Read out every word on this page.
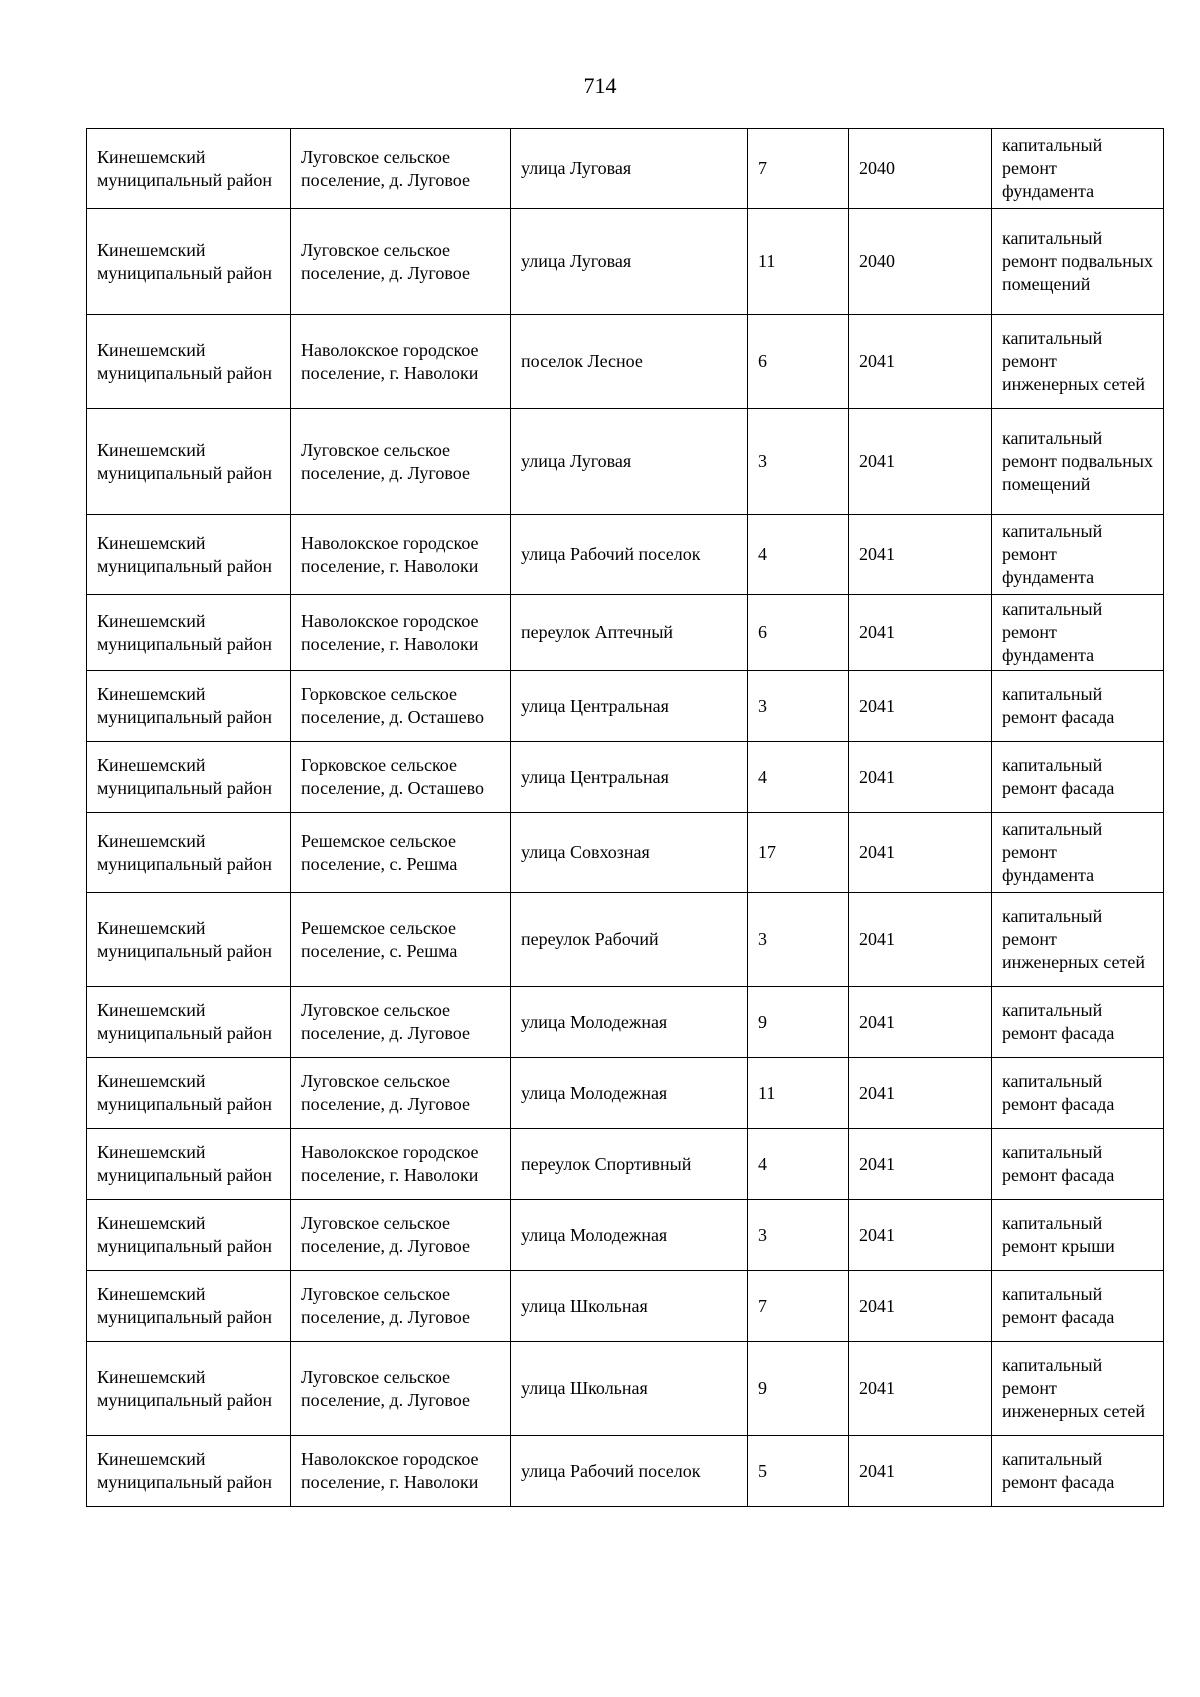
714
Кинешемский муниципальный район	Луговское сельское поселение, д. Луговое	улица Луговая	7	2040	капитальный ремонт фундамента
Кинешемский муниципальный район	Луговское сельское поселение, д. Луговое	улица Луговая	11	2040	капитальный ремонт подвальных помещений
Кинешемский муниципальный район	Наволокское городское поселение, г. Наволоки	поселок Лесное	6	2041	капитальный ремонт инженерных сетей
Кинешемский муниципальный район	Луговское сельское поселение, д. Луговое	улица Луговая	3	2041	капитальный ремонт подвальных помещений
Кинешемский муниципальный район	Наволокское городское поселение, г. Наволоки	улица Рабочий поселок	4	2041	капитальный ремонт фундамента
Кинешемский муниципальный район	Наволокское городское поселение, г. Наволоки	переулок Аптечный	6	2041	капитальный ремонт фундамента
Кинешемский муниципальный район	Горковское сельское поселение, д. Осташево	улица Центральная	3	2041	капитальный ремонт фасада
Кинешемский муниципальный район	Горковское сельское поселение, д. Осташево	улица Центральная	4	2041	капитальный ремонт фасада
Кинешемский муниципальный район	Решемское сельское поселение, с. Решма	улица Совхозная	17	2041	капитальный ремонт фундамента
Кинешемский муниципальный район	Решемское сельское поселение, с. Решма	переулок Рабочий	3	2041	капитальный ремонт инженерных сетей
Кинешемский муниципальный район	Луговское сельское поселение, д. Луговое	улица Молодежная	9	2041	капитальный ремонт фасада
Кинешемский муниципальный район	Луговское сельское поселение, д. Луговое	улица Молодежная	11	2041	капитальный ремонт фасада
Кинешемский муниципальный район	Наволокское городское поселение, г. Наволоки	переулок Спортивный	4	2041	капитальный ремонт фасада
Кинешемский муниципальный район	Луговское сельское поселение, д. Луговое	улица Молодежная	3	2041	капитальный ремонт крыши
Кинешемский муниципальный район	Луговское сельское поселение, д. Луговое	улица Школьная	7	2041	капитальный ремонт фасада
Кинешемский муниципальный район	Луговское сельское поселение, д. Луговое	улица Школьная	9	2041	капитальный ремонт инженерных сетей
Кинешемский муниципальный район	Наволокское городское поселение, г. Наволоки	улица Рабочий поселок	5	2041	капитальный ремонт фасада
